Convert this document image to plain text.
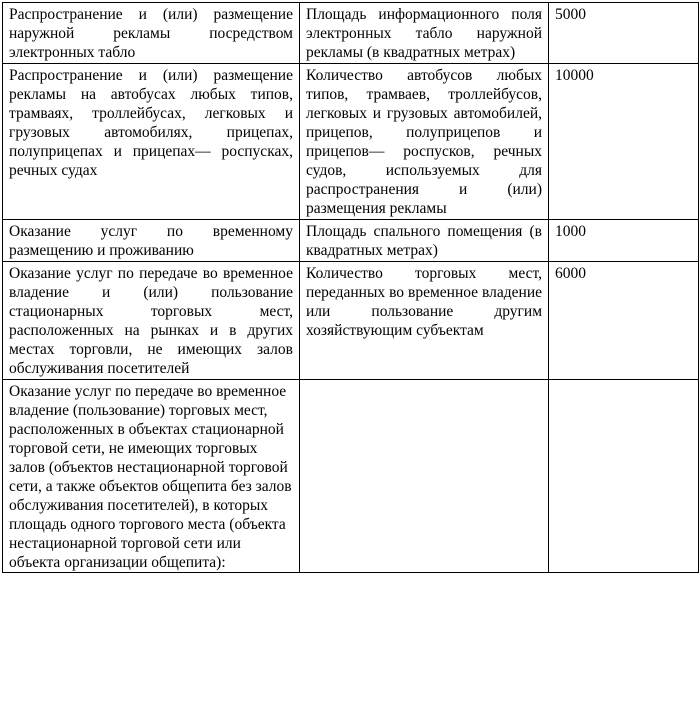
Распространение и (или) размещение наружной рекламы посредством электронных табло	Площадь информационного поля электронных табло наружной рекламы (в квадратных метрах)	5000
Распространение и (или) размещение рекламы на автобусах любых типов, трамваях, троллейбусах, легковых и грузовых автомобилях, прицепах, полуприцепах и прицепах— роспусках, речных судах	Количество автобусов любых типов, трамваев, троллейбусов, легковых и грузовых автомобилей, прицепов, полуприцепов и прицепов— роспусков, речных судов, используемых для распространения и (или) размещения рекламы	10000
Оказание услуг по временному размещению и проживанию	Площадь спального помещения (в квадратных метрах)	1000
Оказание услуг по передаче во временное владение и (или) пользование стационарных торговых мест, расположенных на рынках и в других местах торговли, не имеющих залов обслуживания посетителей	Количество торговых мест, переданных во временное владение или пользование другим хозяйствующим субъектам	6000
Оказание услуг по передаче во временное владение (пользование) торговых мест, расположенных в объектах стационарной торговой сети, не имеющих торговых залов (объектов нестационарной торговой сети, а также объектов общепита без залов обслуживания посетителей), в которых площадь одного торгового места (объекта нестационарной торговой сети или объекта организации общепита):		
